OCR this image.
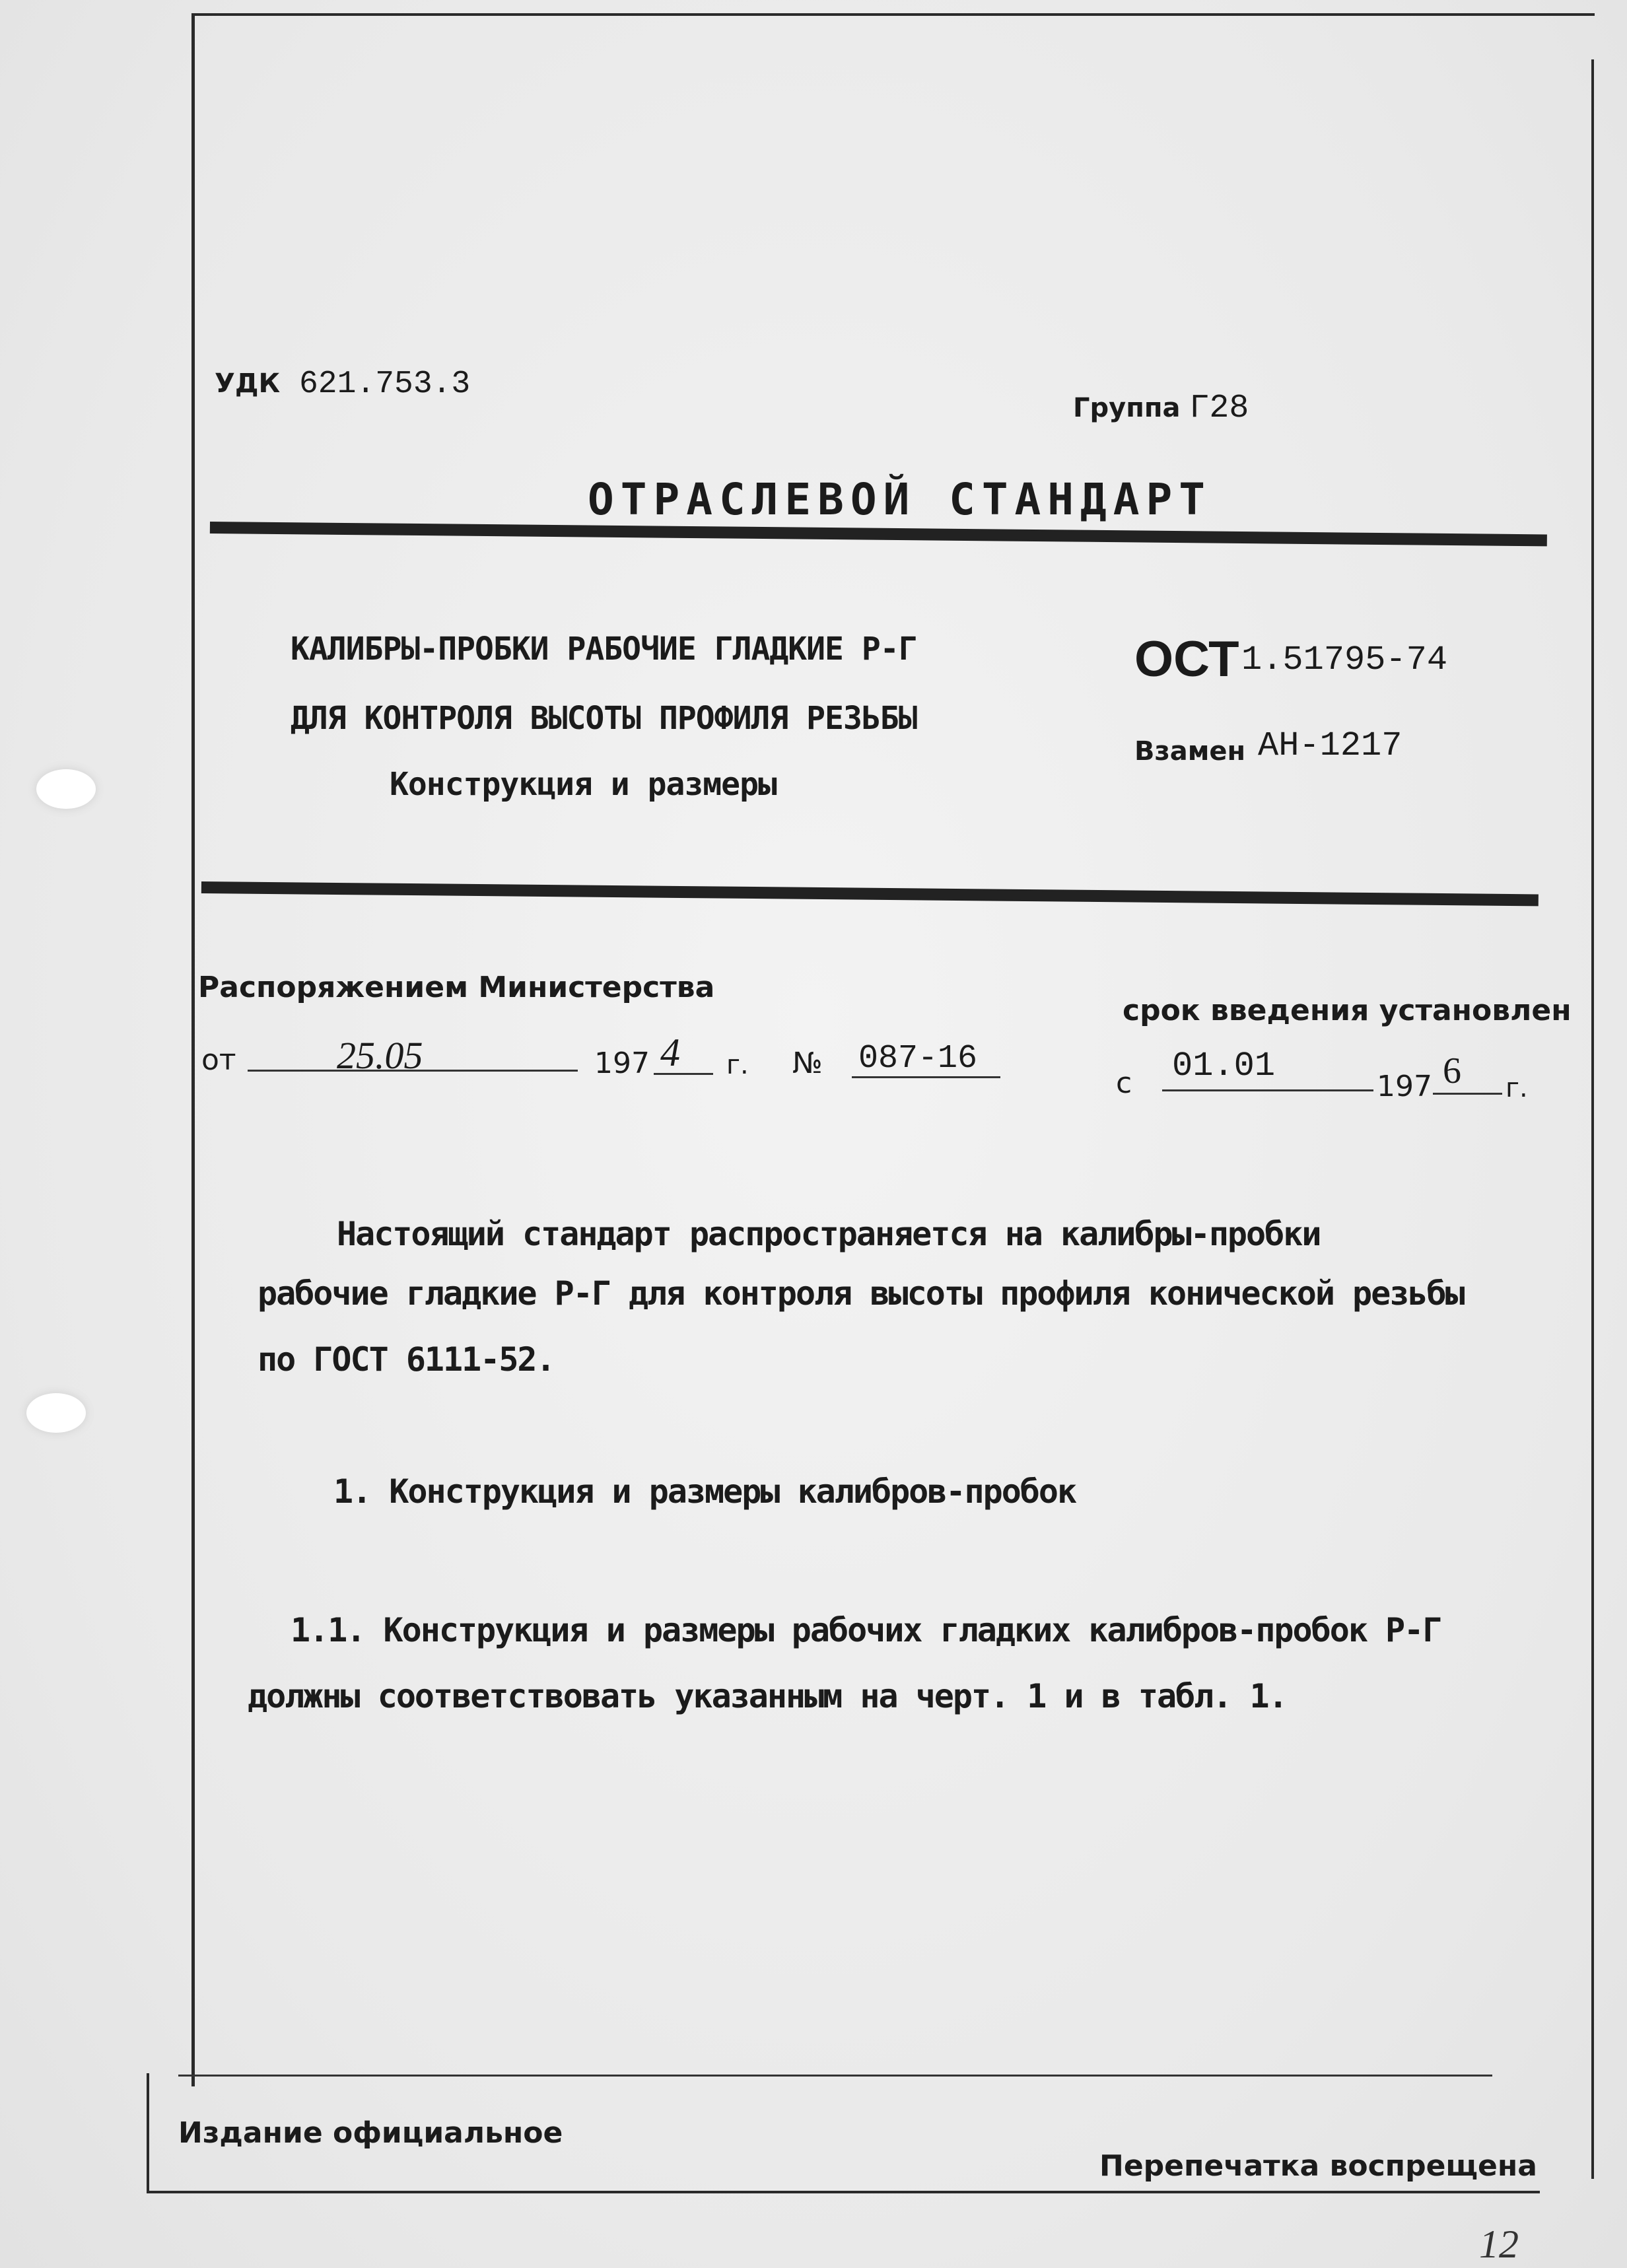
УДК 621.753.3
Группа Г28
ОТРАСЛЕВОЙ СТАНДАРТ
КАЛИБРЫ-ПРОБКИ РАБОЧИЕ ГЛАДКИЕ Р-Г
ДЛЯ КОНТРОЛЯ ВЫСОТЫ ПРОФИЛЯ РЕЗЬБЫ
Конструкция и размеры
ОСТ 1.51795-74
Взамен АН-1217
Распоряжением Министерства
от	25.05	197 4 г. № 087-16
срок введения установлен
с 01.01
197 6 г.
Настоящий стандарт распространяется на калибры-пробки
рабочие гладкие Р-Г для контроля высоты профиля конической резьбы
по ГОСТ 6111-52.
1. Конструкция и размеры калибров-пробок
1.1. Конструкция и размеры рабочих гладких калибров-пробок Р-Г
должны соответствовать указанным на черт. 1 и в табл. 1.
Издание официальное
Перепечатка воспрещена
12
